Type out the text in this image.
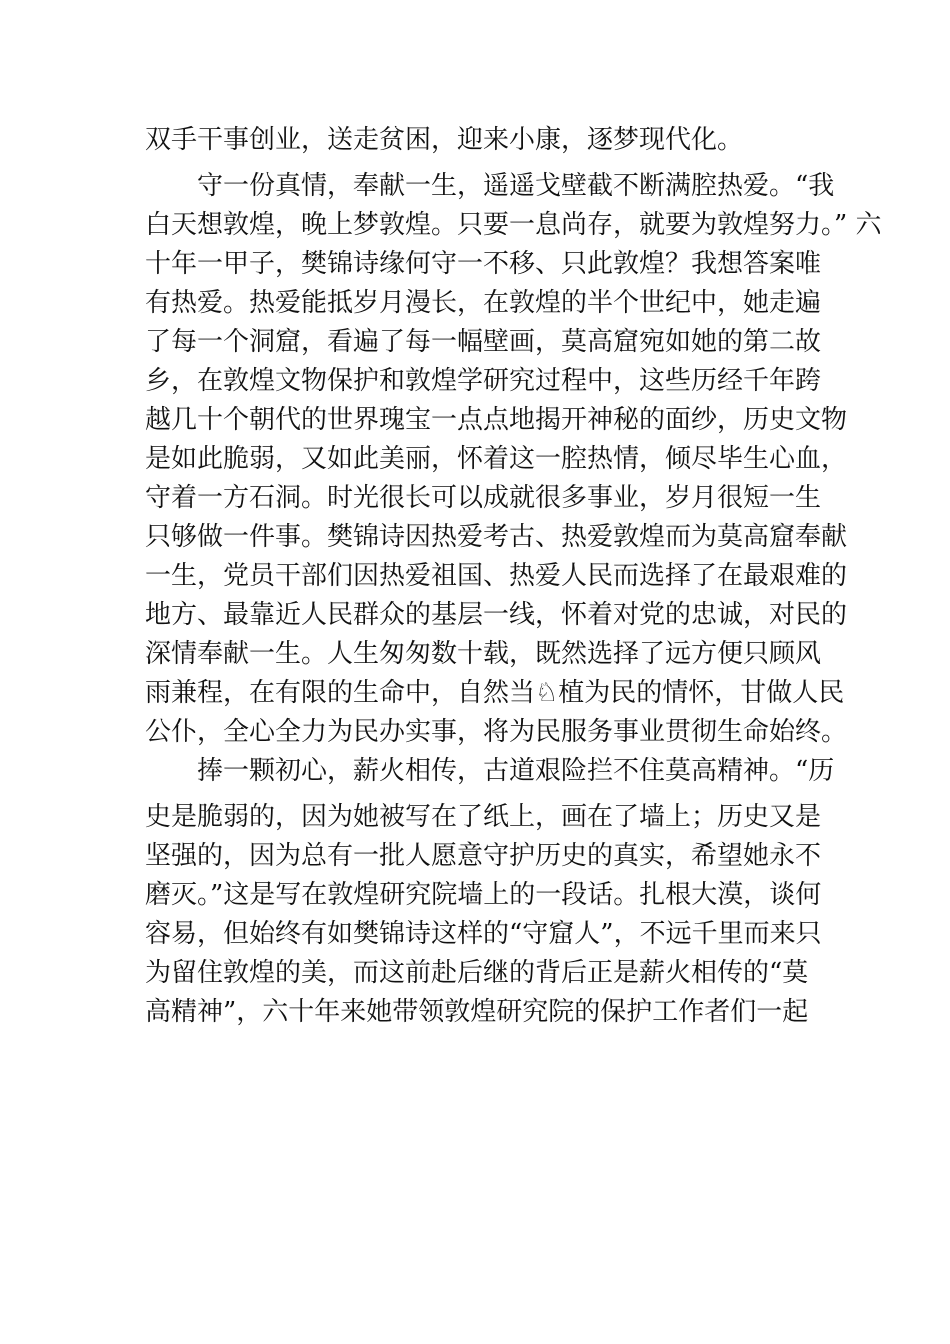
双手干事创业，送走贫困，迎来小康，逐梦现代化。

　　守一份真情，奉献一生，遥遥戈壁截不断满腔热爱。“我

白天想敦煌，晚上梦敦煌。只要一息尚存，就要为敦煌努力。” 六

十年一甲子，樊锦诗缘何守一不移、只此敦煌？我想答案唯

有热爱。热爱能抵岁月漫长，在敦煌的半个世纪中，她走遍

了每一个洞窟，看遍了每一幅壁画，莫高窟宛如她的第二故

乡，在敦煌文物保护和敦煌学研究过程中，这些历经千年跨

越几十个朝代的世界瑰宝一点点地揭开神秘的面纱，历史文物

是如此脆弱，又如此美丽，怀着这一腔热情，倾尽毕生心血，

守着一方石洞。时光很长可以成就很多事业，岁月很短一生

只够做一件事。樊锦诗因热爱考古、热爱敦煌而为莫高窟奉献

一生，党员干部们因热爱祖国、热爱人民而选择了在最艰难的

地方、最靠近人民群众的基层一线，怀着对党的忠诚，对民的

深情奉献一生。人生匆匆数十载，既然选择了远方便只顾风

雨兼程，在有限的生命中，自然当♘植为民的情怀，甘做人民

公仆，全心全力为民办实事，将为民服务事业贯彻生命始终。

　　捧一颗初心，薪火相传，古道艰险拦不住莫高精神。“历

史是脆弱的，因为她被写在了纸上，画在了墙上；历史又是

坚强的，因为总有一批人愿意守护历史的真实，希望她永不

磨灭。”这是写在敦煌研究院墙上的一段话。扎根大漠，谈何

容易，但始终有如樊锦诗这样的“守窟人”，不远千里而来只

为留住敦煌的美，而这前赴后继的背后正是薪火相传的“莫

高精神”，六十年来她带领敦煌研究院的保护工作者们一起
